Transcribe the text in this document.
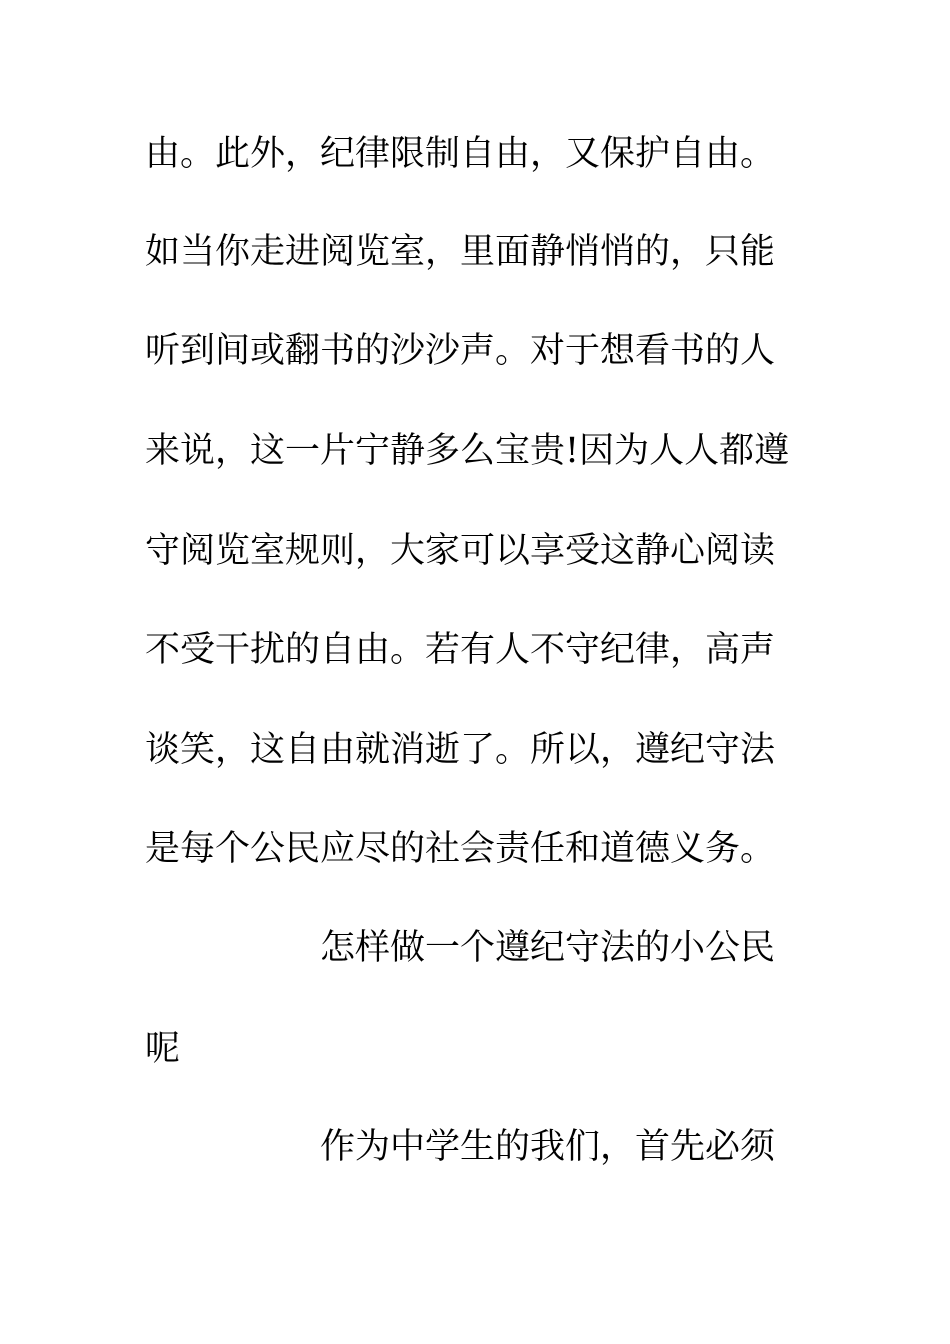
由。此外，纪律限制自由，又保护自由。
如当你走进阅览室，里面静悄悄的，只能
听到间或翻书的沙沙声。对于想看书的人
来说，这一片宁静多么宝贵!因为人人都遵
守阅览室规则，大家可以享受这静心阅读
不受干扰的自由。若有人不守纪律，高声
谈笑，这自由就消逝了。所以，遵纪守法
是每个公民应尽的社会责任和道德义务。
怎样做一个遵纪守法的小公民
呢
作为中学生的我们，首先必须
